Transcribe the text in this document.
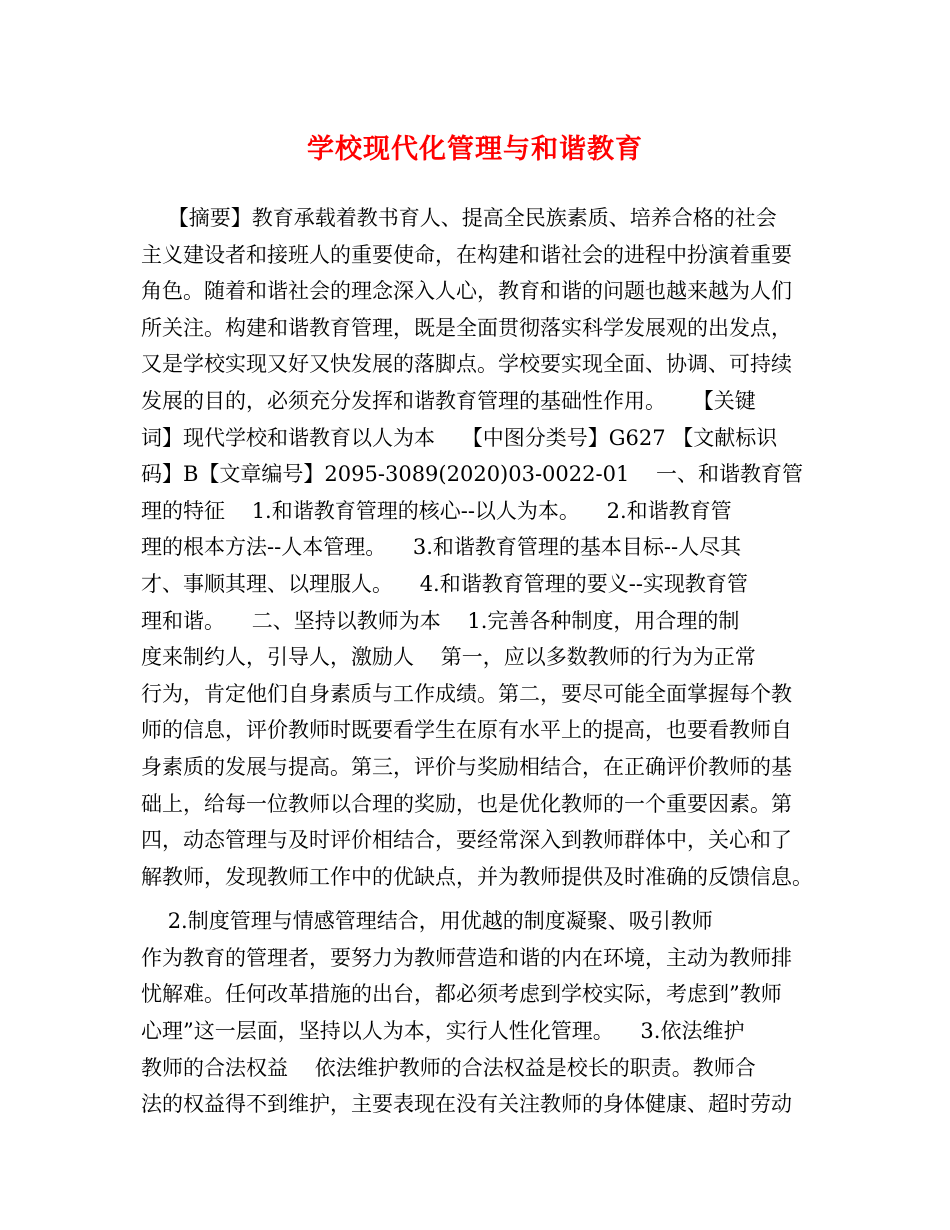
学校现代化管理与和谐教育
【摘要】教育承载着教书育人、提高全民族素质、培养合格的社会
主义建设者和接班人的重要使命，在构建和谐社会的进程中扮演着重要
角色。随着和谐社会的理念深入人心，教育和谐的问题也越来越为人们
所关注。构建和谐教育管理，既是全面贯彻落实科学发展观的出发点，
又是学校实现又好又快发展的落脚点。学校要实现全面、协调、可持续
发展的目的，必须充分发挥和谐教育管理的基础性作用。    【关键
词】现代学校和谐教育以人为本    【中图分类号】G627 【文献标识
码】B【文章编号】2095-3089(2020)03-0022-01    一、和谐教育管
理的特征    1.和谐教育管理的核心--以人为本。    2.和谐教育管
理的根本方法--人本管理。    3.和谐教育管理的基本目标--人尽其
才、事顺其理、以理服人。    4.和谐教育管理的要义--实现教育管
理和谐。    二、坚持以教师为本    1.完善各种制度，用合理的制
度来制约人，引导人，激励人    第一，应以多数教师的行为为正常
行为，肯定他们自身素质与工作成绩。第二，要尽可能全面掌握每个教
师的信息，评价教师时既要看学生在原有水平上的提高，也要看教师自
身素质的发展与提高。第三，评价与奖励相结合，在正确评价教师的基
础上，给每一位教师以合理的奖励，也是优化教师的一个重要因素。第
四，动态管理与及时评价相结合，要经常深入到教师群体中，关心和了
解教师，发现教师工作中的优缺点，并为教师提供及时准确的反馈信息。
2.制度管理与情感管理结合，用优越的制度凝聚、吸引教师
作为教育的管理者，要努力为教师营造和谐的内在环境，主动为教师排
忧解难。任何改革措施的出台，都必须考虑到学校实际，考虑到”教师
心理”这一层面，坚持以人为本，实行人性化管理。    3.依法维护
教师的合法权益    依法维护教师的合法权益是校长的职责。教师合
法的权益得不到维护，主要表现在没有关注教师的身体健康、超时劳动
